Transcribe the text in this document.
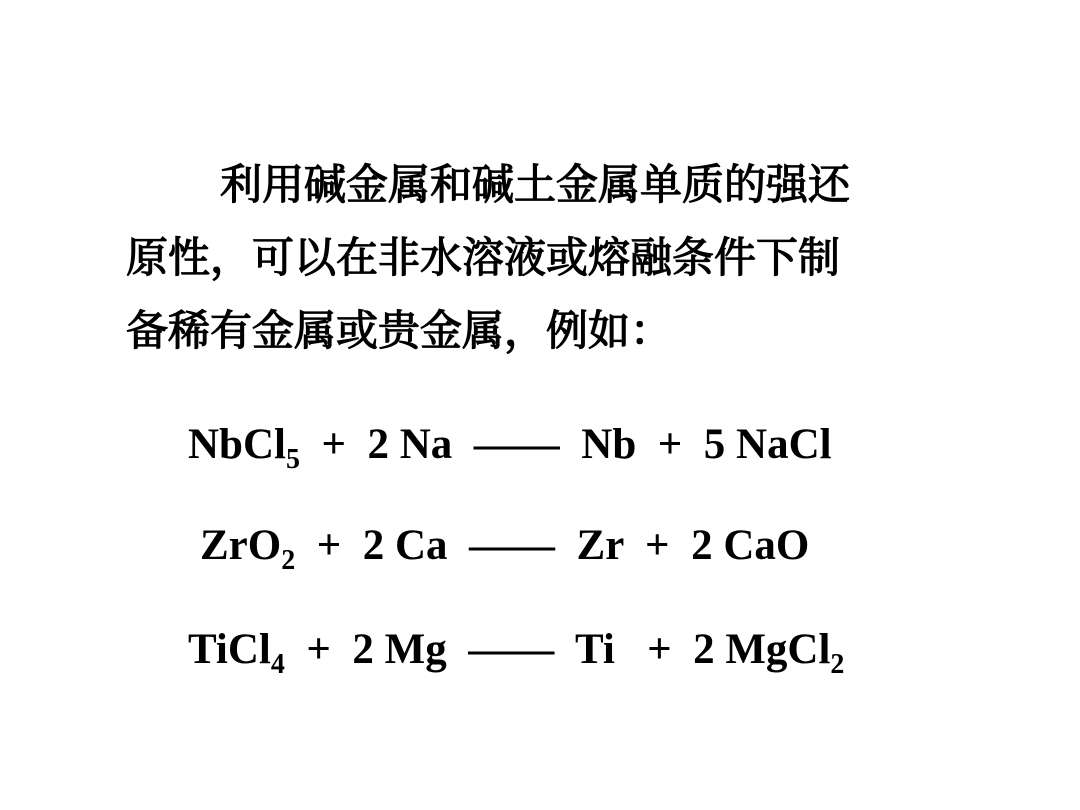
利用碱金属和碱土金属单质的强还
原性，可以在非水溶液或熔融条件下制
备稀有金属或贵金属，例如：
NbCl$_5$ + 2 Na —— Nb + 5 NaCl
ZrO$_2$ + 2 Ca —— Zr + 2 CaO
TiCl$_4$ + 2 Mg —— Ti + 2 MgCl$_2$
